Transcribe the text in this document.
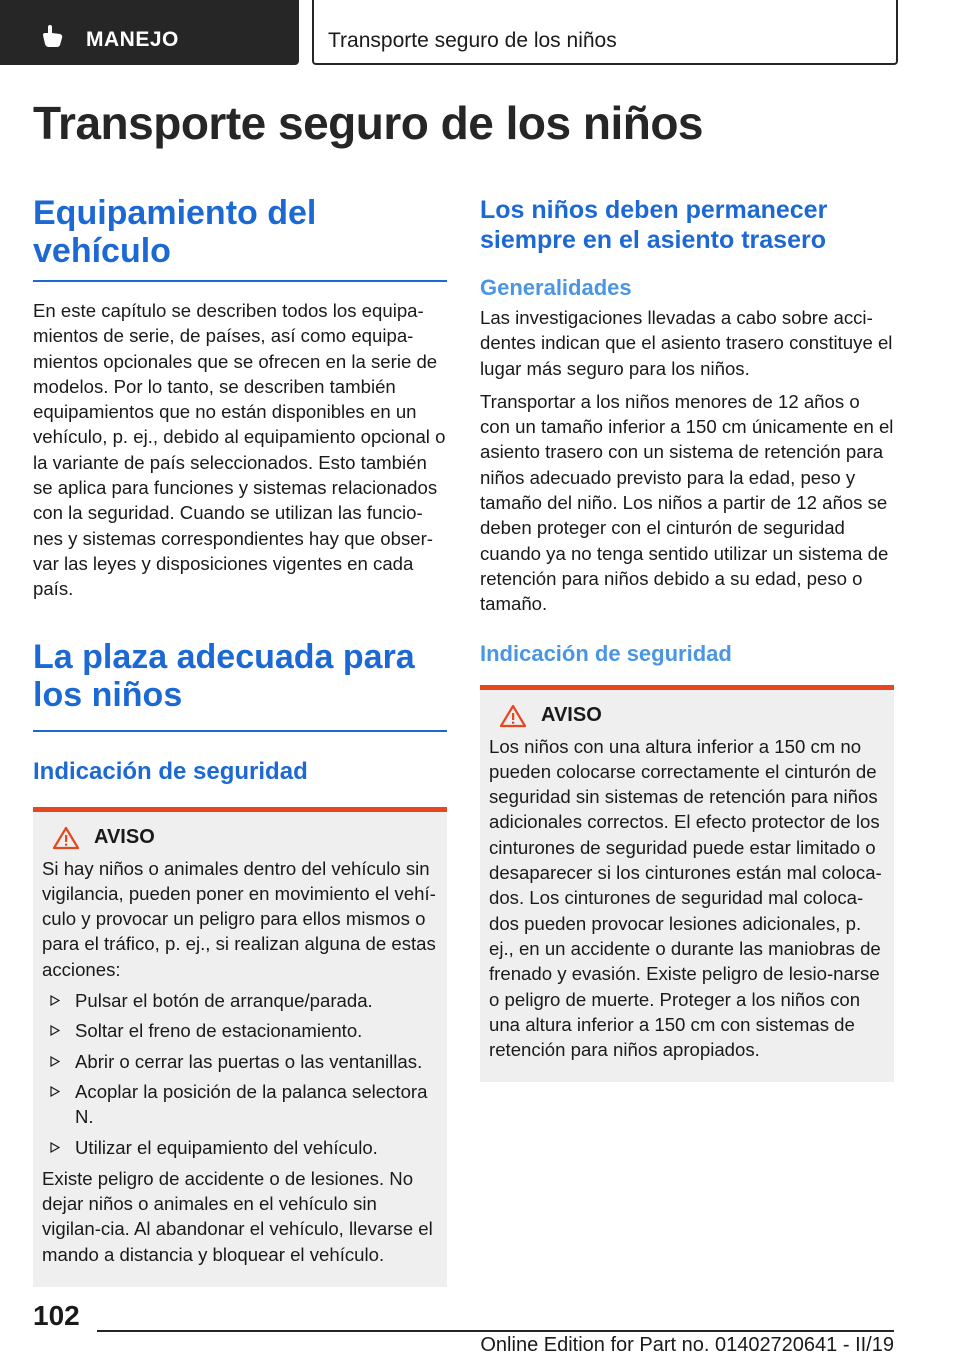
MANEJO	Transporte seguro de los niños
Transporte seguro de los niños
Equipamiento del vehículo

En este capítulo se describen todos los equipa-mientos de serie, de países, así como equipa-mientos opcionales que se ofrecen en la serie de modelos. Por lo tanto, se describen también equipamientos que no están disponibles en un vehículo, p. ej., debido al equipamiento opcional o la variante de país seleccionados. Esto también se aplica para funciones y sistemas relacionados con la seguridad. Cuando se utilizan las funcio-nes y sistemas correspondientes hay que obser-var las leyes y disposiciones vigentes en cada país.

La plaza adecuada para los niños
Indicación de seguridad
AVISO

Si hay niños o animales dentro del vehículo sin vigilancia, pueden poner en movimiento el vehí-culo y provocar un peligro para ellos mismos o para el tráfico, p. ej., si realizan alguna de estas acciones:

Pulsar el botón de arranque/parada.
Soltar el freno de estacionamiento.
Abrir o cerrar las puertas o las ventanillas.
Acoplar la posición de la palanca selectora N.
Utilizar el equipamiento del vehículo.

Existe peligro de accidente o de lesiones. No dejar niños o animales en el vehículo sin vigilan-cia. Al abandonar el vehículo, llevarse el mando a distancia y bloquear el vehículo.

Los niños deben permanecer siempre en el asiento trasero
Generalidades

Las investigaciones llevadas a cabo sobre acci-dentes indican que el asiento trasero constituye el lugar más seguro para los niños.

Transportar a los niños menores de 12 años o con un tamaño inferior a 150 cm únicamente en el asiento trasero con un sistema de retención para niños adecuado previsto para la edad, peso y tamaño del niño. Los niños a partir de 12 años se deben proteger con el cinturón de seguridad cuando ya no tenga sentido utilizar un sistema de retención para niños debido a su edad, peso o tamaño.

Indicación de seguridad
AVISO

Los niños con una altura inferior a 150 cm no pueden colocarse correctamente el cinturón de seguridad sin sistemas de retención para niños adicionales correctos. El efecto protector de los cinturones de seguridad puede estar limitado o desaparecer si los cinturones están mal coloca-dos. Los cinturones de seguridad mal coloca-dos pueden provocar lesiones adicionales, p. ej., en un accidente o durante las maniobras de frenado y evasión. Existe peligro de lesio-narse o peligro de muerte. Proteger a los niños con una altura inferior a 150 cm con sistemas de retención para niños apropiados.

102
Online Edition for Part no. 01402720641 - II/19
